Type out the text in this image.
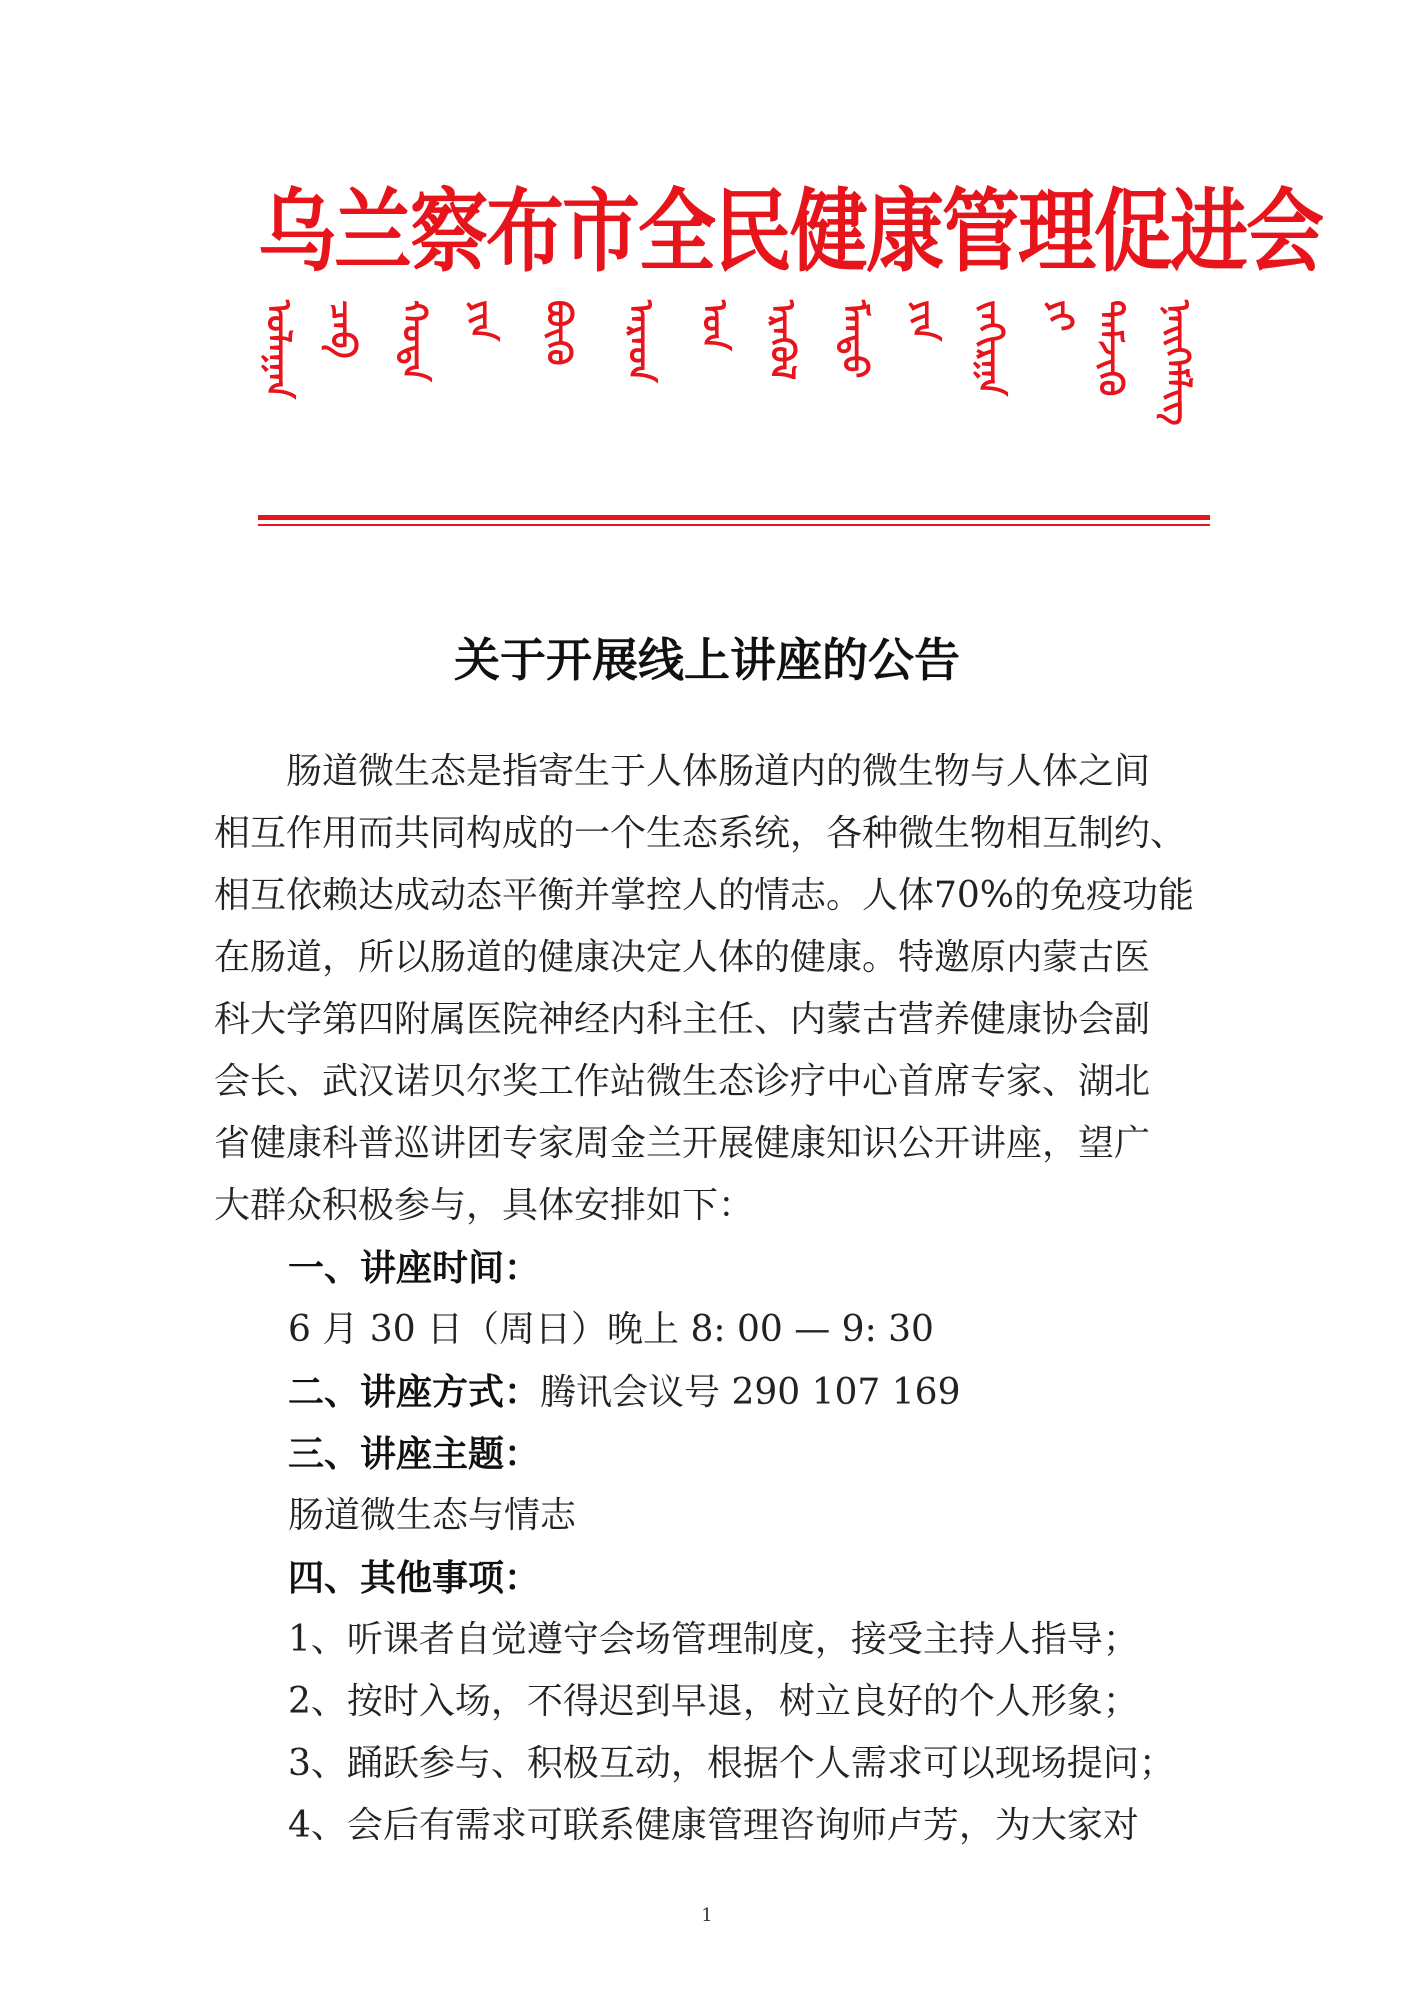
乌兰察布市全民健康管理促进会
ᠤᠯᠠᠭᠠᠨ ᠴᠠᠪ ᠬᠣᠲᠠ ᠶᠢᠨ ᠪᠦᠬᠦ ᠠᠷᠠᠳ ᠤᠨ ᠡᠷᠡᠭᠦᠯ ᠮᠡᠨᠳᠦ ᠶᠢᠨ ᠵᠠᠬᠢᠷᠭᠠ ᠶᠢ ᠳᠡᠮᠵᠢᠬᠦ ᠨᠡᠢᠭᠡᠮᠯᠢᠭ
关于开展线上讲座的公告
　　肠道微生态是指寄生于人体肠道内的微生物与人体之间
相互作用而共同构成的一个生态系统，各种微生物相互制约、
相互依赖达成动态平衡并掌控人的情志。人体70%的免疫功能
在肠道，所以肠道的健康决定人体的健康。特邀原内蒙古医
科大学第四附属医院神经内科主任、内蒙古营养健康协会副
会长、武汉诺贝尔奖工作站微生态诊疗中心首席专家、湖北
省健康科普巡讲团专家周金兰开展健康知识公开讲座，望广
大群众积极参与，具体安排如下：
一、讲座时间：
6 月 30 日（周日）晚上 8: 00 — 9: 30
二、讲座方式：腾讯会议号 290 107 169
三、讲座主题：
肠道微生态与情志
四、其他事项：
1、听课者自觉遵守会场管理制度，接受主持人指导；
2、按时入场，不得迟到早退，树立良好的个人形象；
3、踊跃参与、积极互动，根据个人需求可以现场提问；
4、会后有需求可联系健康管理咨询师卢芳，为大家对
1
